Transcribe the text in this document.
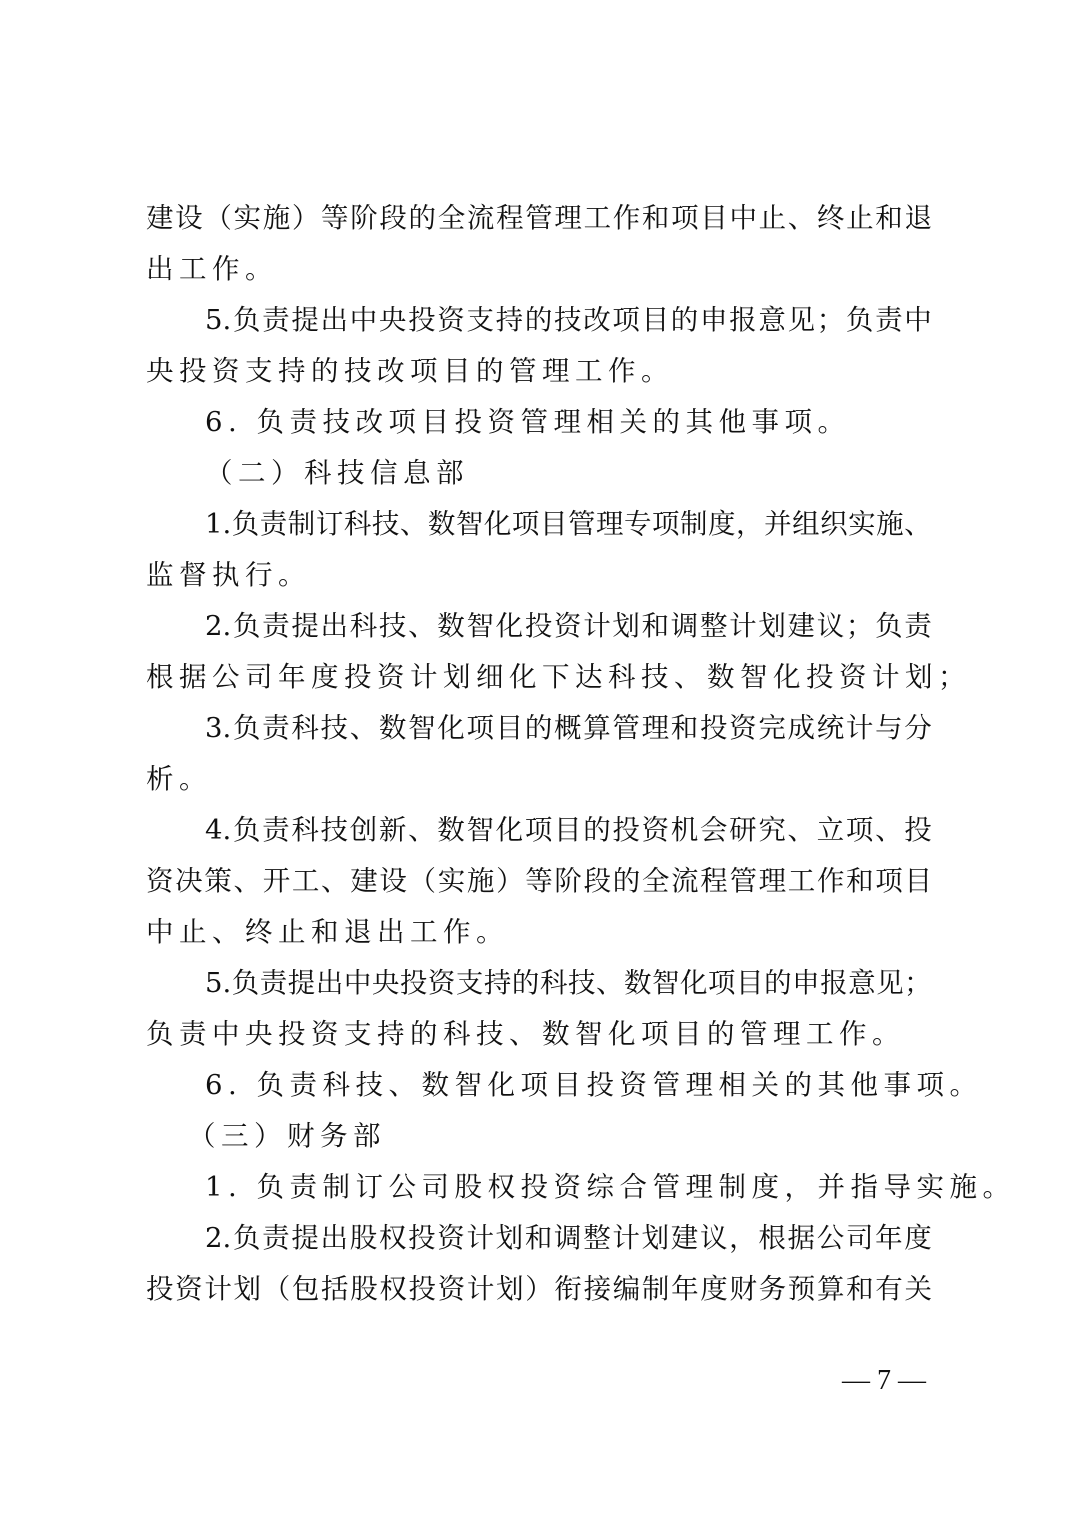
建 设 （ 实 施 ） 等 阶 段 的 全 流 程 管 理 工 作 和 项 目 中 止 、 终 止 和 退
出工作。
5. 负 责 提 出 中 央 投 资 支 持 的 技 改 项 目 的 申 报 意 见 ； 负 责 中
央投资支持的技改项目的管理工作。
6. 负责技改项目投资管理相关的其他事项。
（二）科技信息部
1. 负 责 制 订 科 技 、 数 智 化 项 目 管 理 专 项 制 度 ， 并 组 织 实 施 、
监督执行。
2. 负 责 提 出 科 技 、 数 智 化 投 资 计 划 和 调 整 计 划 建 议 ； 负 责
根据公司年度投资计划细化下达科技、数智化投资计划；
3. 负 责 科 技 、 数 智 化 项 目 的 概 算 管 理 和 投 资 完 成 统 计 与 分
析。
4. 负 责 科 技 创 新 、 数 智 化 项 目 的 投 资 机 会 研 究 、 立 项 、 投
资 决 策 、 开 工 、 建 设 （ 实 施 ） 等 阶 段 的 全 流 程 管 理 工 作 和 项 目
中止、终止和退出工作。
5. 负 责 提 出 中 央 投 资 支 持 的 科 技 、 数 智 化 项 目 的 申 报 意 见 ；
负责中央投资支持的科技、数智化项目的管理工作。
6. 负责科技、数智化项目投资管理相关的其他事项。
（三）财务部
1. 负责制订公司股权投资综合管理制度，并指导实施。
2. 负 责 提 出 股 权 投 资 计 划 和 调 整 计 划 建 议 ， 根 据 公 司 年 度
投 资 计 划 （ 包 括 股 权 投 资 计 划 ） 衔 接 编 制 年 度 财 务 预 算 和 有 关
— 7 —
